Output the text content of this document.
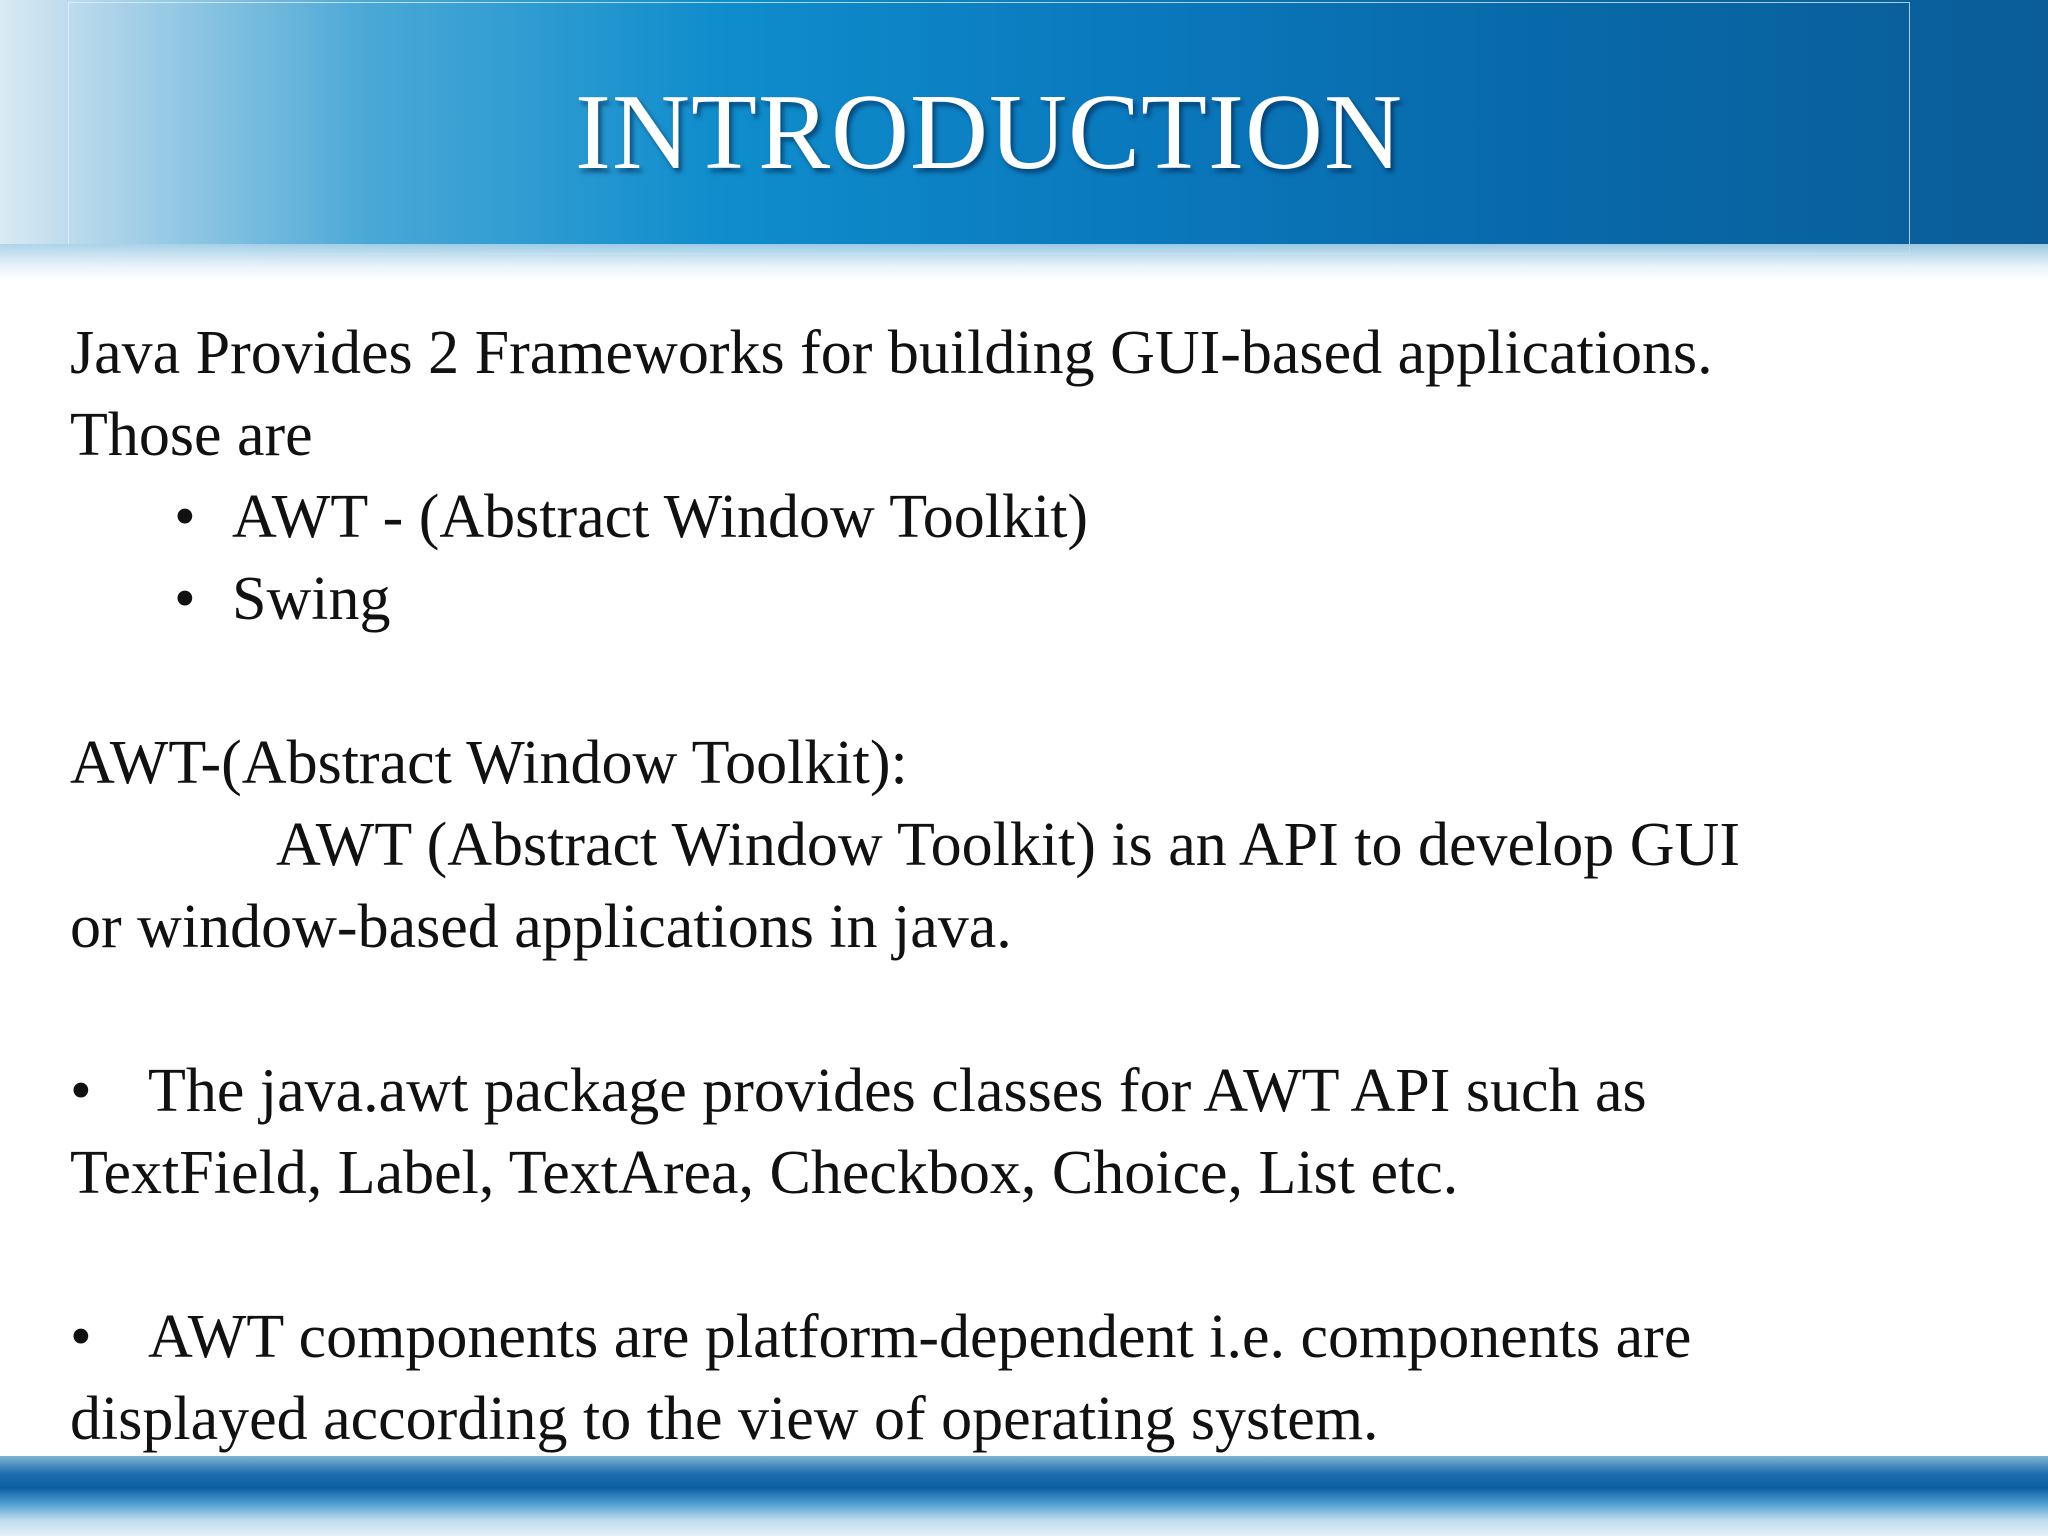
INTRODUCTION
Java Provides 2 Frameworks for building GUI-based applications.
Those are
• AWT - (Abstract Window Toolkit)
• Swing
AWT-(Abstract Window Toolkit):
AWT (Abstract Window Toolkit) is an API to develop GUI
or window-based applications in java.
• The java.awt package provides classes for AWT API such as
TextField, Label, TextArea, Checkbox, Choice, List etc.
• AWT components are platform-dependent i.e. components are
displayed according to the view of operating system.
